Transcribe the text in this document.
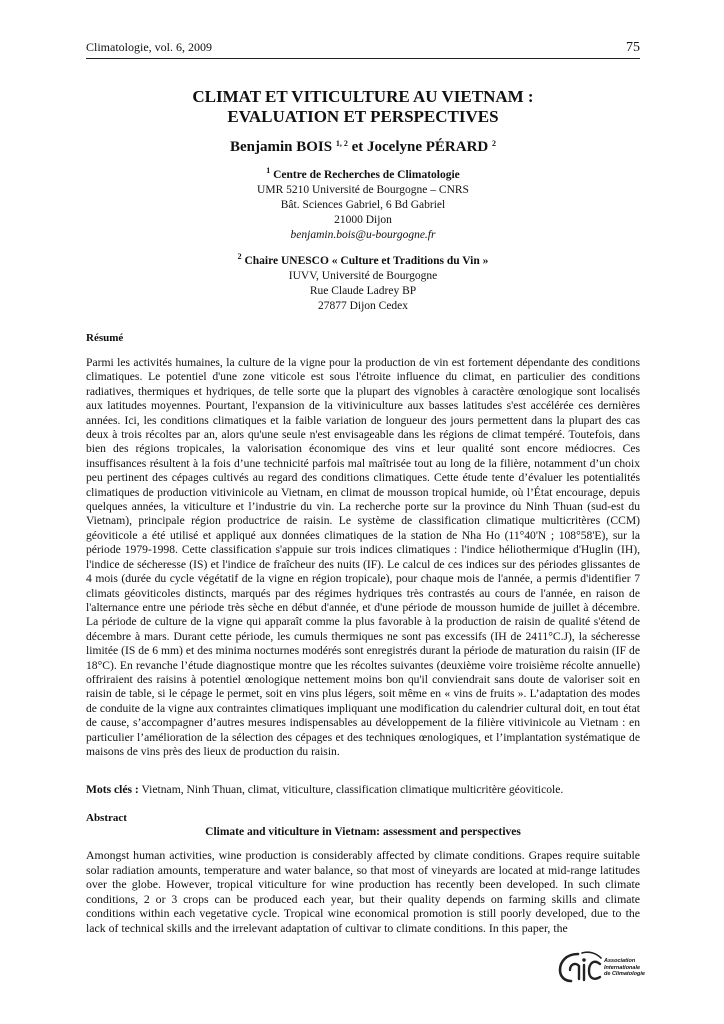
Climatologie, vol. 6, 2009	75
CLIMAT ET VITICULTURE AU VIETNAM :
EVALUATION ET PERSPECTIVES
Benjamin BOIS $^{1, 2}$ et Jocelyne PÉRARD $^2$
$^1$ Centre de Recherches de Climatologie
UMR 5210 Université de Bourgogne – CNRS
Bât. Sciences Gabriel, 6 Bd Gabriel
21000 Dijon
benjamin.bois@u-bourgogne.fr
$^2$ Chaire UNESCO « Culture et Traditions du Vin »
IUVV, Université de Bourgogne
Rue Claude Ladrey BP
27877 Dijon Cedex
Résumé
Parmi les activités humaines, la culture de la vigne pour la production de vin est fortement dépendante des conditions climatiques. Le potentiel d'une zone viticole est sous l'étroite influence du climat, en particulier des conditions radiatives, thermiques et hydriques, de telle sorte que la plupart des vignobles à caractère œnologique sont localisés aux latitudes moyennes. Pourtant, l'expansion de la vitiviniculture aux basses latitudes s'est accélérée ces dernières années. Ici, les conditions climatiques et la faible variation de longueur des jours permettent dans la plupart des cas deux à trois récoltes par an, alors qu'une seule n'est envisageable dans les régions de climat tempéré. Toutefois, dans bien des régions tropicales, la valorisation économique des vins et leur qualité sont encore médiocres. Ces insuffisances résultent à la fois d’une technicité parfois mal maîtrisée tout au long de la filière, notamment d’un choix peu pertinent des cépages cultivés au regard des conditions climatiques. Cette étude tente d’évaluer les potentialités climatiques de production vitivinicole au Vietnam, en climat de mousson tropical humide, où l’État encourage, depuis quelques années, la viticulture et l’industrie du vin. La recherche porte sur la province du Ninh Thuan (sud-est du Vietnam), principale région productrice de raisin. Le système de classification climatique multicritères (CCM) géoviticole a été utilisé et appliqué aux données climatiques de la station de Nha Ho (11°40'N ; 108°58'E), sur la période 1979-1998. Cette classification s'appuie sur trois indices climatiques : l'indice héliothermique d'Huglin (IH), l'indice de sécheresse (IS) et l'indice de fraîcheur des nuits (IF). Le calcul de ces indices sur des périodes glissantes de 4 mois (durée du cycle végétatif de la vigne en région tropicale), pour chaque mois de l'année, a permis d'identifier 7 climats géoviticoles distincts, marqués par des régimes hydriques très contrastés au cours de l'année, en raison de l'alternance entre une période très sèche en début d'année, et d'une période de mousson humide de juillet à décembre. La période de culture de la vigne qui apparaît comme la plus favorable à la production de raisin de qualité s'étend de décembre à mars. Durant cette période, les cumuls thermiques ne sont pas excessifs (IH de 2411°C.J), la sécheresse limitée (IS de 6 mm) et des minima nocturnes modérés sont enregistrés durant la période de maturation du raisin (IF de 18°C). En revanche l’étude diagnostique montre que les récoltes suivantes (deuxième voire troisième récolte annuelle) offriraient des raisins à potentiel œnologique nettement moins bon qu'il conviendrait sans doute de valoriser soit en raisin de table, si le cépage le permet, soit en vins plus légers, soit même en « vins de fruits ». L’adaptation des modes de conduite de la vigne aux contraintes climatiques impliquant une modification du calendrier cultural doit, en tout état de cause, s’accompagner d’autres mesures indispensables au développement de la filière vitivinicole au Vietnam : en particulier l’amélioration de la sélection des cépages et des techniques œnologiques, et l’implantation systématique de maisons de vins près des lieux de production du raisin.
Mots clés : Vietnam, Ninh Thuan, climat, viticulture, classification climatique multicritère géoviticole.
Abstract
Climate and viticulture in Vietnam: assessment and perspectives
Amongst human activities, wine production is considerably affected by climate conditions. Grapes require suitable solar radiation amounts, temperature and water balance, so that most of vineyards are located at mid-range latitudes over the globe. However, tropical viticulture for wine production has recently been developed. In such climate conditions, 2 or 3 crops can be produced each year, but their quality depends on farming skills and climate conditions within each vegetative cycle. Tropical wine economical promotion is still poorly developed, due to the lack of technical skills and the irrelevant adaptation of cultivar to climate conditions. In this paper, the
Association
Internationale
de Climatologie
